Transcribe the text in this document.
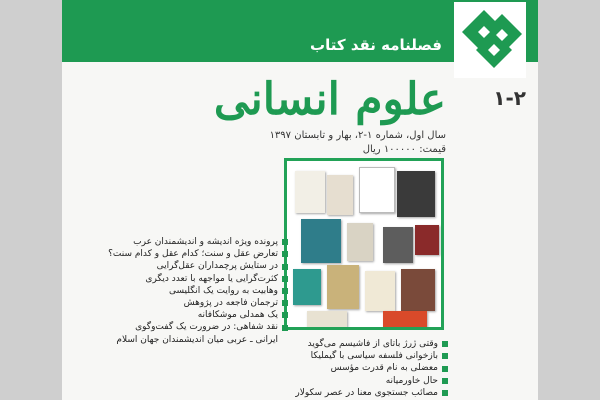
فصلنامه نقد کتاب
علوم انسانی ۱-۲
سال اول، شماره ۱-۲، بهار و تابستان ۱۳۹۷
قیمت: ۱۰۰۰۰۰ ریال
پرونده ویژه اندیشه و اندیشمندان عرب
تعارض عقل و سنت؛ کدام عقل و کدام سنت؟
در ستایش پرچمداران عقل‌گرایی
کثرت‌گرایی یا مواجهه با تعدد دیگری
وهابیت به روایت یک انگلیسی
ترجمان فاجعه در پژوهش
یک همدلی موشکافانه
نقد شفاهی: در ضرورت یک گفت‌وگوی
ایرانی ـ عربی میان اندیشمندان جهان اسلام	وقتی ژرژ باتای از فاشیسم می‌گوید
بازخوانی فلسفه سیاسی با گیملیکا
معضلی به نام قدرت مؤسس
حال خاورمیانه
مصائب جستجوی معنا در عصر سکولار
